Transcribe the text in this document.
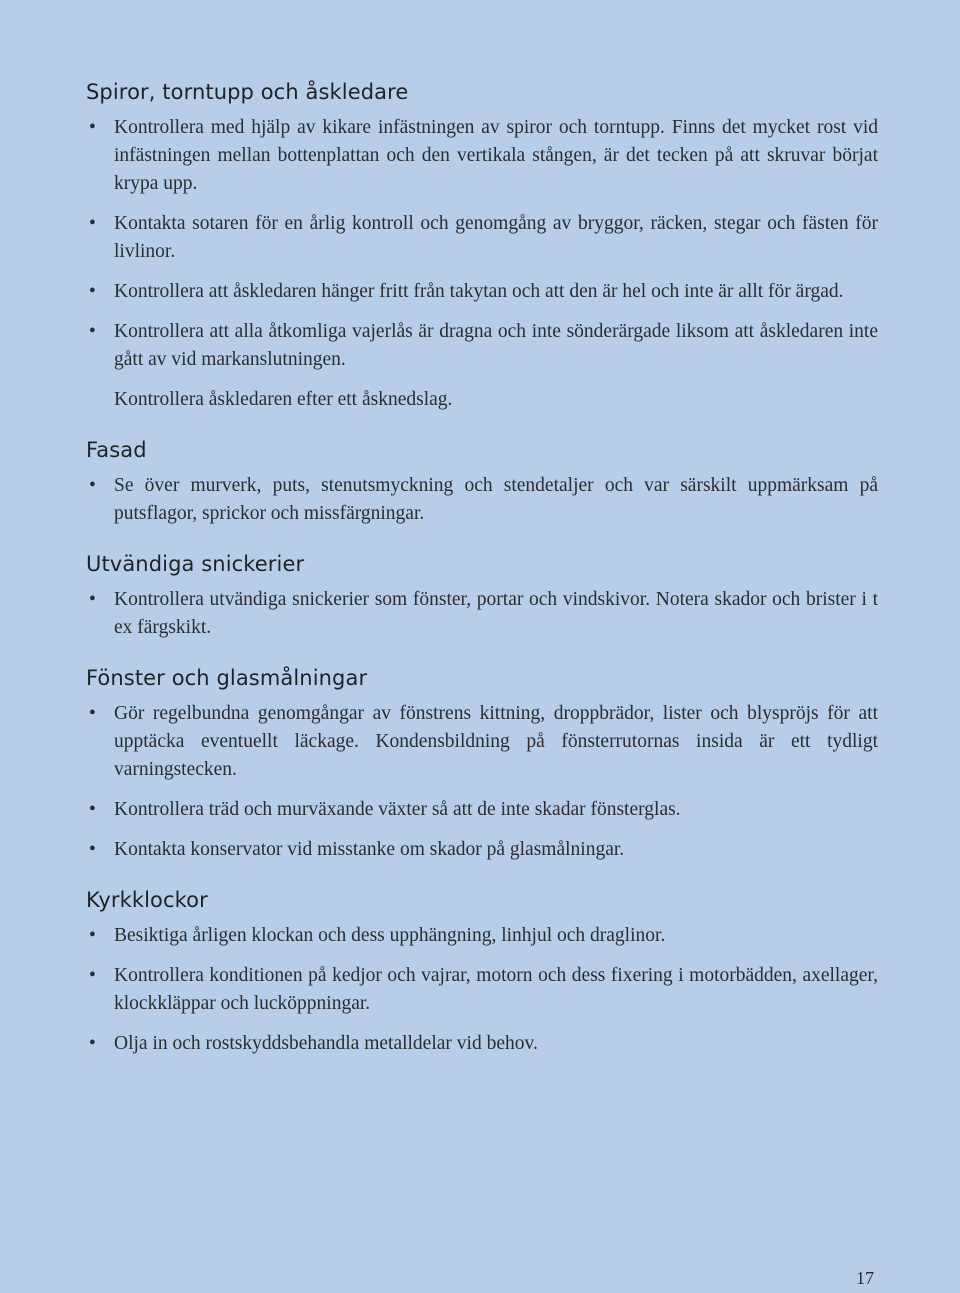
Spiror, torntupp och åskledare
• Kontrollera med hjälp av kikare infästningen av spiror och torntupp. Finns det mycket rost vid infästningen mellan bottenplattan och den vertikala stången, är det tecken på att skruvar börjat krypa upp.
• Kontakta sotaren för en årlig kontroll och genomgång av bryggor, räcken, stegar och fästen för livlinor.
• Kontrollera att åskledaren hänger fritt från takytan och att den är hel och inte är allt för ärgad.
• Kontrollera att alla åtkomliga vajerlås är dragna och inte sönderärgade liksom att åskledaren inte gått av vid markanslutningen.
Kontrollera åskledaren efter ett åsknedslag.
Fasad
• Se över murverk, puts, stenutsmyckning och stendetaljer och var särskilt uppmärksam på putsflagor, sprickor och missfärgningar.
Utvändiga snickerier
• Kontrollera utvändiga snickerier som fönster, portar och vindskivor. Notera skador och brister i t ex färgskikt.
Fönster och glasmålningar
• Gör regelbundna genomgångar av fönstrens kittning, droppbrädor, lister och blyspröjs för att upptäcka eventuellt läckage. Kondensbildning på fönsterrutornas insida är ett tydligt varningstecken.
• Kontrollera träd och murväxande växter så att de inte skadar fönsterglas.
• Kontakta konservator vid misstanke om skador på glasmålningar.
Kyrkklockor
• Besiktiga årligen klockan och dess upphängning, linhjul och draglinor.
• Kontrollera konditionen på kedjor och vajrar, motorn och dess fixering i motorbädden, axellager, klockkläppar och lucköppningar.
• Olja in och rostskyddsbehandla metalldelar vid behov.
17
